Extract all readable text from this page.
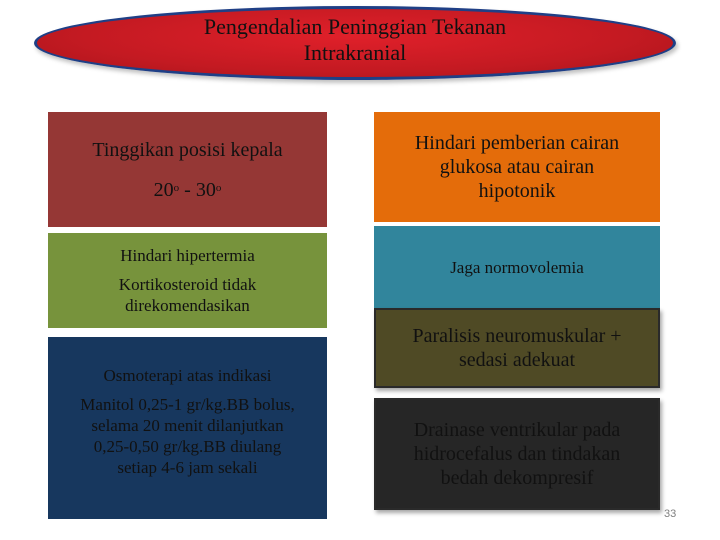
Pengendalian Peninggian Tekanan
Intrakranial
Tinggikan posisi kepala
20$^o$ - 30$^o$
Hindari hipertermia
Kortikosteroid tidak
direkomendasikan
Osmoterapi atas indikasi
Manitol 0,25-1 gr/kg.BB bolus,
selama 20 menit dilanjutkan
0,25-0,50 gr/kg.BB diulang
setiap 4-6 jam sekali
Hindari pemberian cairan
glukosa atau cairan
hipotonik
Jaga normovolemia
Paralisis neuromuskular +
sedasi adekuat
Drainase ventrikular pada
hidrocefalus dan tindakan
bedah dekompresif
33
